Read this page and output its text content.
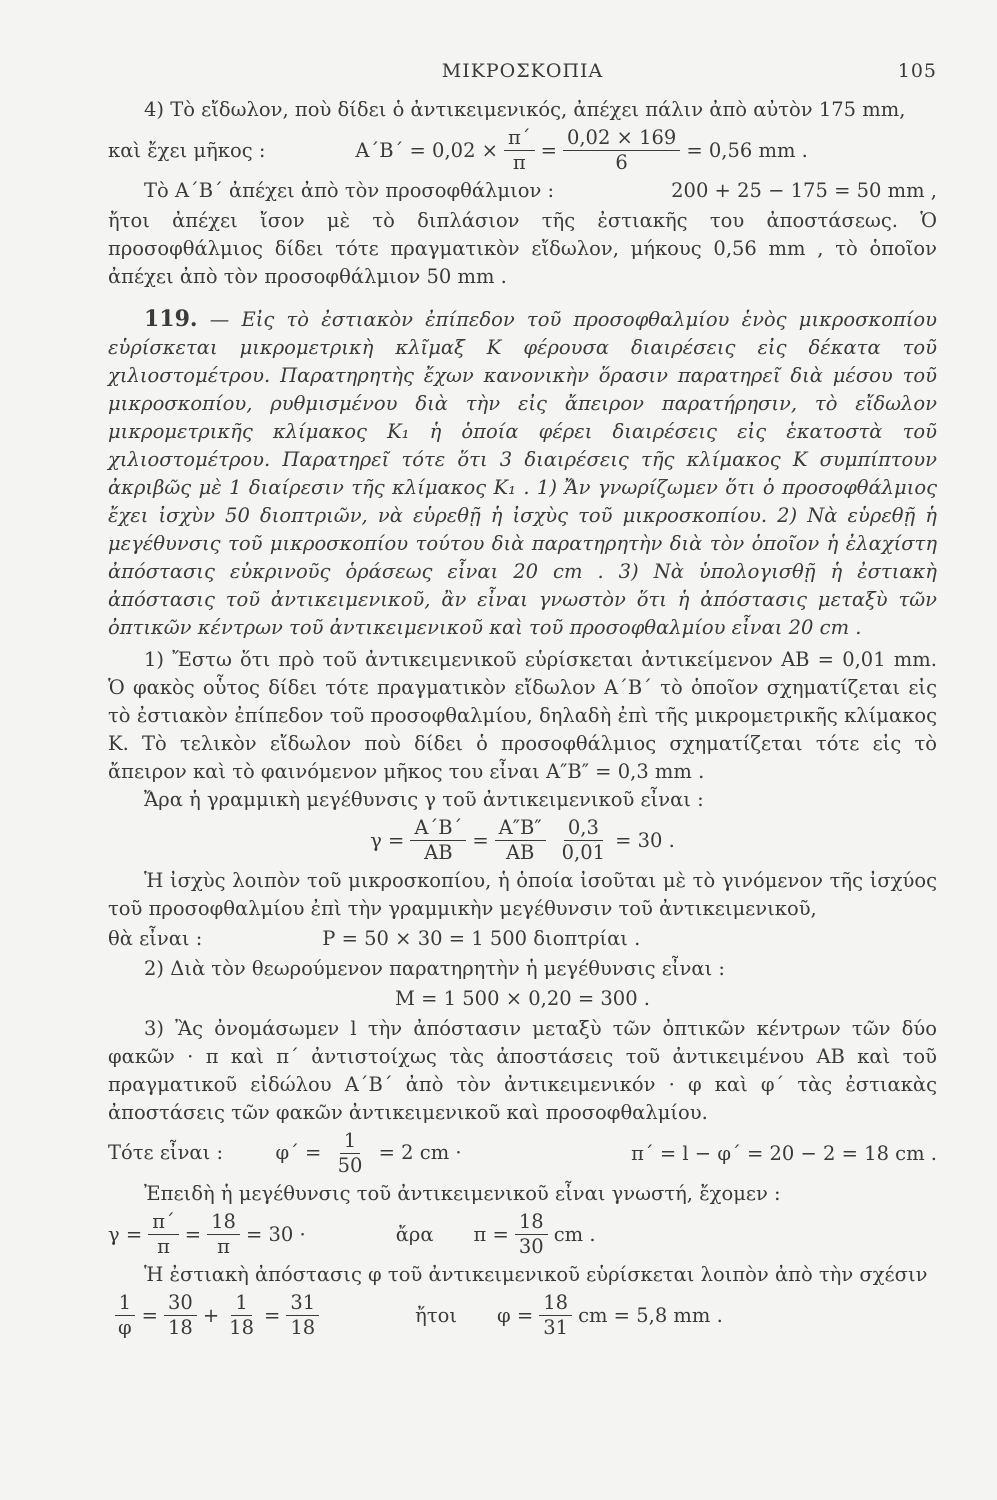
ΜΙΚΡΟΣΚΟΠΙΑ	105

4) Τὸ εἴδωλον, ποὺ δίδει ὁ ἀντικειμενικός, ἀπέχει πάλιν ἀπὸ αὐτὸν 175 mm,

καὶ ἔχει μῆκος :	$A΄B΄ = 0,02 \times \frac{\pi΄}{\pi} = \frac{0,02 \times 169}{6} = 0,56$ mm .
Τὸ Α΄Β΄ ἀπέχει ἀπὸ τὸν προσοφθάλμιον :	200 + 25 − 175 = 50 mm ,

ἤτοι ἀπέχει ἴσον μὲ τὸ διπλάσιον τῆς ἐστιακῆς του ἀποστάσεως. Ὁ προσοφθάλμιος δίδει τότε πραγματικὸν εἴδωλον, μήκους 0,56 mm , τὸ ὁποῖον ἀπέχει ἀπὸ τὸν προσοφθάλμιον 50 mm .

119. — Εἰς τὸ ἐστιακὸν ἐπίπεδον τοῦ προσοφθαλμίου ἑνὸς μικροσκοπίου εὑρίσκεται μικρομετρικὴ κλῖμαξ Κ φέρουσα διαιρέσεις εἰς δέκατα τοῦ χιλιοστομέτρου. Παρατηρητὴς ἔχων κανονικὴν ὅρασιν παρατηρεῖ διὰ μέσου τοῦ μικροσκοπίου, ρυθμισμένου διὰ τὴν εἰς ἄπειρον παρατήρησιν, τὸ εἴδωλον μικρομετρικῆς κλίμακος Κ₁ ἡ ὁποία φέρει διαιρέσεις εἰς ἑκατοστὰ τοῦ χιλιοστομέτρου. Παρατηρεῖ τότε ὅτι 3 διαιρέσεις τῆς κλίμακος Κ συμπίπτουν ἀκριβῶς μὲ 1 διαίρεσιν τῆς κλίμακος Κ₁ . 1) Ἄν γνωρίζωμεν ὅτι ὁ προσοφθάλμιος ἔχει ἰσχὺν 50 διοπτριῶν, νὰ εὑρεθῇ ἡ ἰσχὺς τοῦ μικροσκοπίου. 2) Νὰ εὑρεθῇ ἡ μεγέθυνσις τοῦ μικροσκοπίου τούτου διὰ παρατηρητὴν διὰ τὸν ὁποῖον ἡ ἐλαχίστη ἀπόστασις εὐκρινοῦς ὁράσεως εἶναι 20 cm . 3) Νὰ ὑπολογισθῇ ἡ ἐστιακὴ ἀπόστασις τοῦ ἀντικειμενικοῦ, ἂν εἶναι γνωστὸν ὅτι ἡ ἀπόστασις μεταξὺ τῶν ὀπτικῶν κέντρων τοῦ ἀντικειμενικοῦ καὶ τοῦ προσοφθαλμίου εἶναι 20 cm .

1) Ἔστω ὅτι πρὸ τοῦ ἀντικειμενικοῦ εὑρίσκεται ἀντικείμενον ΑΒ = 0,01 mm. Ὁ φακὸς οὗτος δίδει τότε πραγματικὸν εἴδωλον Α΄Β΄ τὸ ὁποῖον σχηματίζεται εἰς τὸ ἐστιακὸν ἐπίπεδον τοῦ προσοφθαλμίου, δηλαδὴ ἐπὶ τῆς μικρομετρικῆς κλίμακος Κ. Τὸ τελικὸν εἴδωλον ποὺ δίδει ὁ προσοφθάλμιος σχηματίζεται τότε εἰς τὸ ἄπειρον καὶ τὸ φαινόμενον μῆκος του εἶναι Α″Β″ = 0,3 mm .

Ἄρα ἡ γραμμικὴ μεγέθυνσις γ τοῦ ἀντικειμενικοῦ εἶναι :

$\gamma = \frac{A΄B΄}{AB} = \frac{A''B''}{AB} \frac{0,3}{0,01} = 30$ .

Ἡ ἰσχὺς λοιπὸν τοῦ μικροσκοπίου, ἡ ὁποία ἰσοῦται μὲ τὸ γινόμενον τῆς ἰσχύος τοῦ προσοφθαλμίου ἐπὶ τὴν γραμμικὴν μεγέθυνσιν τοῦ ἀντικειμενικοῦ,

θὰ εἶναι :	P = 50 × 30 = 1 500 διοπτρίαι .

2) Διὰ τὸν θεωρούμενον παρατηρητὴν ἡ μεγέθυνσις εἶναι :

M = 1 500 × 0,20 = 300 .

3) Ἂς ὀνομάσωμεν l τὴν ἀπόστασιν μεταξὺ τῶν ὀπτικῶν κέντρων τῶν δύο φακῶν · π καὶ π΄ ἀντιστοίχως τὰς ἀποστάσεις τοῦ ἀντικειμένου ΑΒ καὶ τοῦ πραγματικοῦ εἰδώλου Α΄Β΄ ἀπὸ τὸν ἀντικειμενικόν · φ καὶ φ΄ τὰς ἐστιακὰς ἀποστάσεις τῶν φακῶν ἀντικειμενικοῦ καὶ προσοφθαλμίου.

Τότε εἶναι :	$\varphi΄ = \frac{1}{50} = 2$ cm ·	π΄ = l − φ΄ = 20 − 2 = 18 cm .

Ἐπειδὴ ἡ μεγέθυνσις τοῦ ἀντικειμενικοῦ εἶναι γνωστή, ἔχομεν :

$\gamma = \frac{\pi΄}{\pi} = \frac{18}{\pi} = 30$ ·	ἄρα $\pi = \frac{18}{30}$ cm .

Ἡ ἐστιακὴ ἀπόστασις φ τοῦ ἀντικειμενικοῦ εὑρίσκεται λοιπὸν ἀπὸ τὴν σχέσιν

$\frac{1}{\varphi} = \frac{30}{18} + \frac{1}{18} = \frac{31}{18}$	ἤτοι $\varphi = \frac{18}{31}$ cm = 5,8 mm .
